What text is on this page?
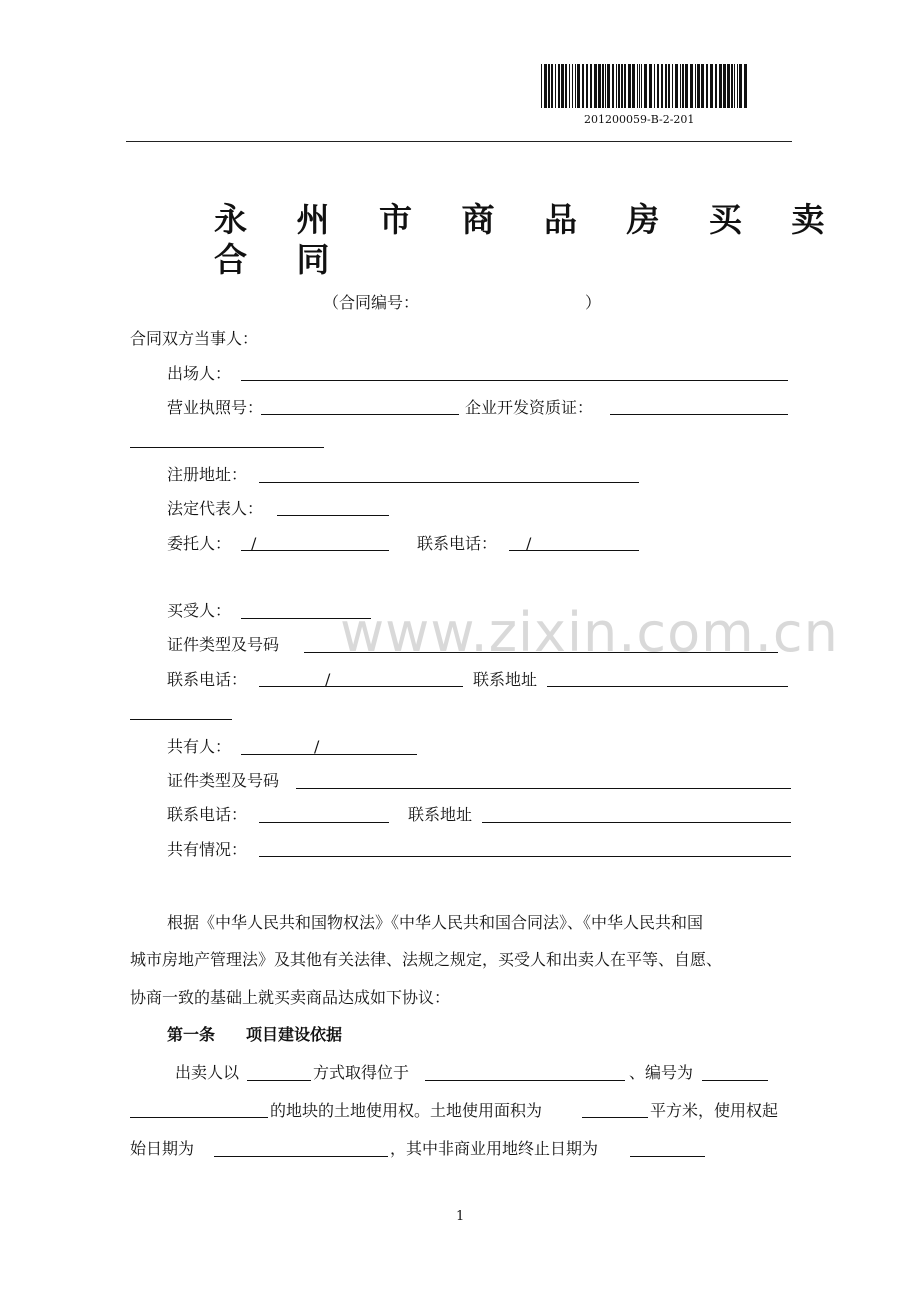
201200059-B-2-201
永 州 市 商 品 房 买 卖 合 同
（合同编号：	）
合同双方当事人：
出场人：
营业执照号：	企业开发资质证：
注册地址：
法定代表人：
委托人： /	联系电话： /
买受人： www.zixin.com.cn
证件类型及号码
联系电话：	/	联系地址
共有人：	/
证件类型及号码
联系电话：	联系地址
共有情况：
根据《中华人民共和国物权法》《中华人民共和国合同法》、《中华人民共和国
城市房地产管理法》及其他有关法律、法规之规定，买受人和出卖人在平等、自愿、
协商一致的基础上就买卖商品达成如下协议：
第一条 项目建设依据
出卖人以	方式取得位于	、编号为
的地块的土地使用权。土地使用面积为	平方米，使用权起
始日期为	，其中非商业用地终止日期为
1
